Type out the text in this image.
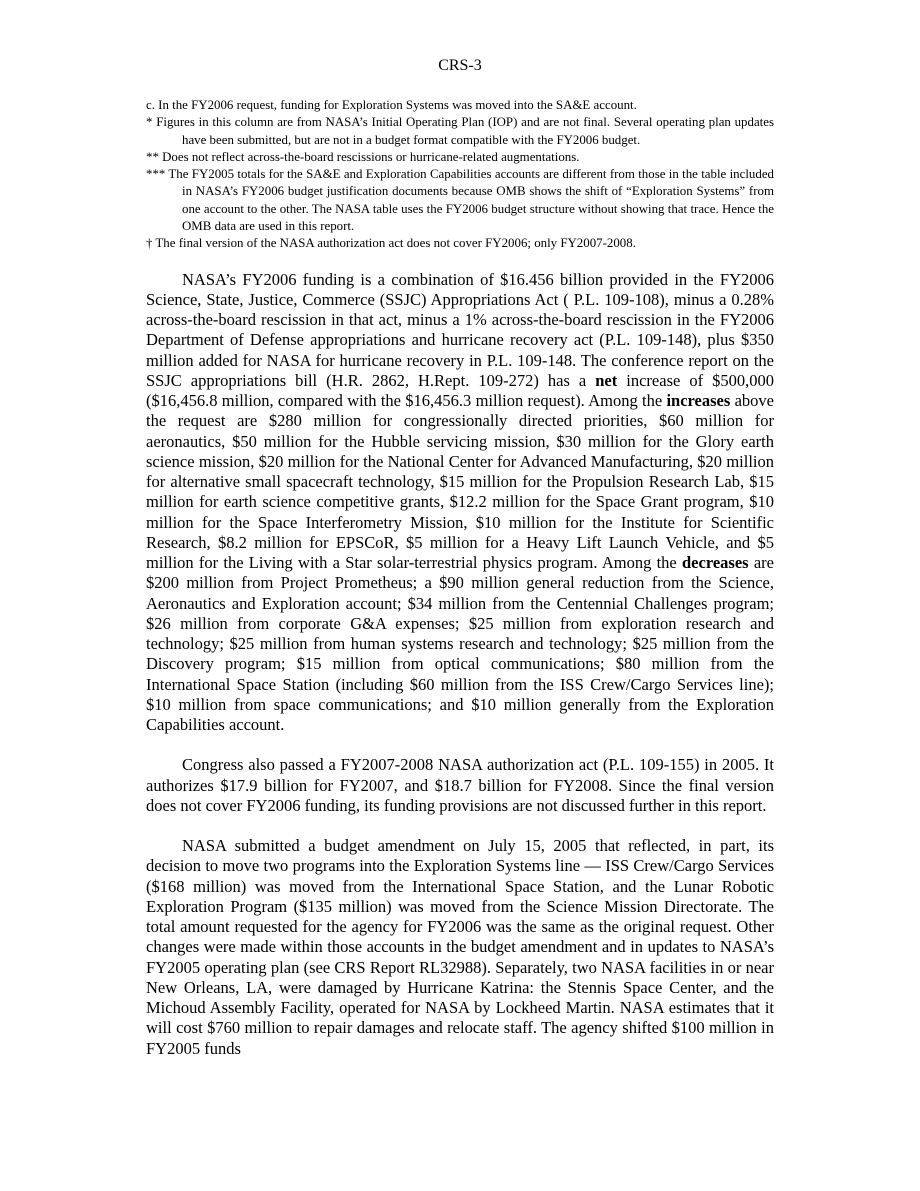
CRS-3

c. In the FY2006 request, funding for Exploration Systems was moved into the SA&E account.

* Figures in this column are from NASA’s Initial Operating Plan (IOP) and are not final. Several operating plan updates have been submitted, but are not in a budget format compatible with the FY2006 budget.

** Does not reflect across-the-board rescissions or hurricane-related augmentations.

*** The FY2005 totals for the SA&E and Exploration Capabilities accounts are different from those in the table included in NASA’s FY2006 budget justification documents because OMB shows the shift of “Exploration Systems” from one account to the other. The NASA table uses the FY2006 budget structure without showing that trace. Hence the OMB data are used in this report.

† The final version of the NASA authorization act does not cover FY2006; only FY2007-2008.

NASA’s FY2006 funding is a combination of $16.456 billion provided in the FY2006 Science, State, Justice, Commerce (SSJC) Appropriations Act ( P.L. 109-108), minus a 0.28% across-the-board rescission in that act, minus a 1% across-the-board rescission in the FY2006 Department of Defense appropriations and hurricane recovery act (P.L. 109-148), plus $350 million added for NASA for hurricane recovery in P.L. 109-148. The conference report on the SSJC appropriations bill (H.R. 2862, H.Rept. 109-272) has a net increase of $500,000 ($16,456.8 million, compared with the $16,456.3 million request). Among the increases above the request are $280 million for congressionally directed priorities, $60 million for aeronautics, $50 million for the Hubble servicing mission, $30 million for the Glory earth science mission, $20 million for the National Center for Advanced Manufacturing, $20 million for alternative small spacecraft technology, $15 million for the Propulsion Research Lab, $15 million for earth science competitive grants, $12.2 million for the Space Grant program, $10 million for the Space Interferometry Mission, $10 million for the Institute for Scientific Research, $8.2 million for EPSCoR, $5 million for a Heavy Lift Launch Vehicle, and $5 million for the Living with a Star solar-terrestrial physics program. Among the decreases are $200 million from Project Prometheus; a $90 million general reduction from the Science, Aeronautics and Exploration account; $34 million from the Centennial Challenges program; $26 million from corporate G&A expenses; $25 million from exploration research and technology; $25 million from human systems research and technology; $25 million from the Discovery program; $15 million from optical communications; $80 million from the International Space Station (including $60 million from the ISS Crew/Cargo Services line); $10 million from space communications; and $10 million generally from the Exploration Capabilities account.

Congress also passed a FY2007-2008 NASA authorization act (P.L. 109-155) in 2005. It authorizes $17.9 billion for FY2007, and $18.7 billion for FY2008. Since the final version does not cover FY2006 funding, its funding provisions are not discussed further in this report.

NASA submitted a budget amendment on July 15, 2005 that reflected, in part, its decision to move two programs into the Exploration Systems line — ISS Crew/Cargo Services ($168 million) was moved from the International Space Station, and the Lunar Robotic Exploration Program ($135 million) was moved from the Science Mission Directorate. The total amount requested for the agency for FY2006 was the same as the original request. Other changes were made within those accounts in the budget amendment and in updates to NASA’s FY2005 operating plan (see CRS Report RL32988). Separately, two NASA facilities in or near New Orleans, LA, were damaged by Hurricane Katrina: the Stennis Space Center, and the Michoud Assembly Facility, operated for NASA by Lockheed Martin. NASA estimates that it will cost $760 million to repair damages and relocate staff. The agency shifted $100 million in FY2005 funds
